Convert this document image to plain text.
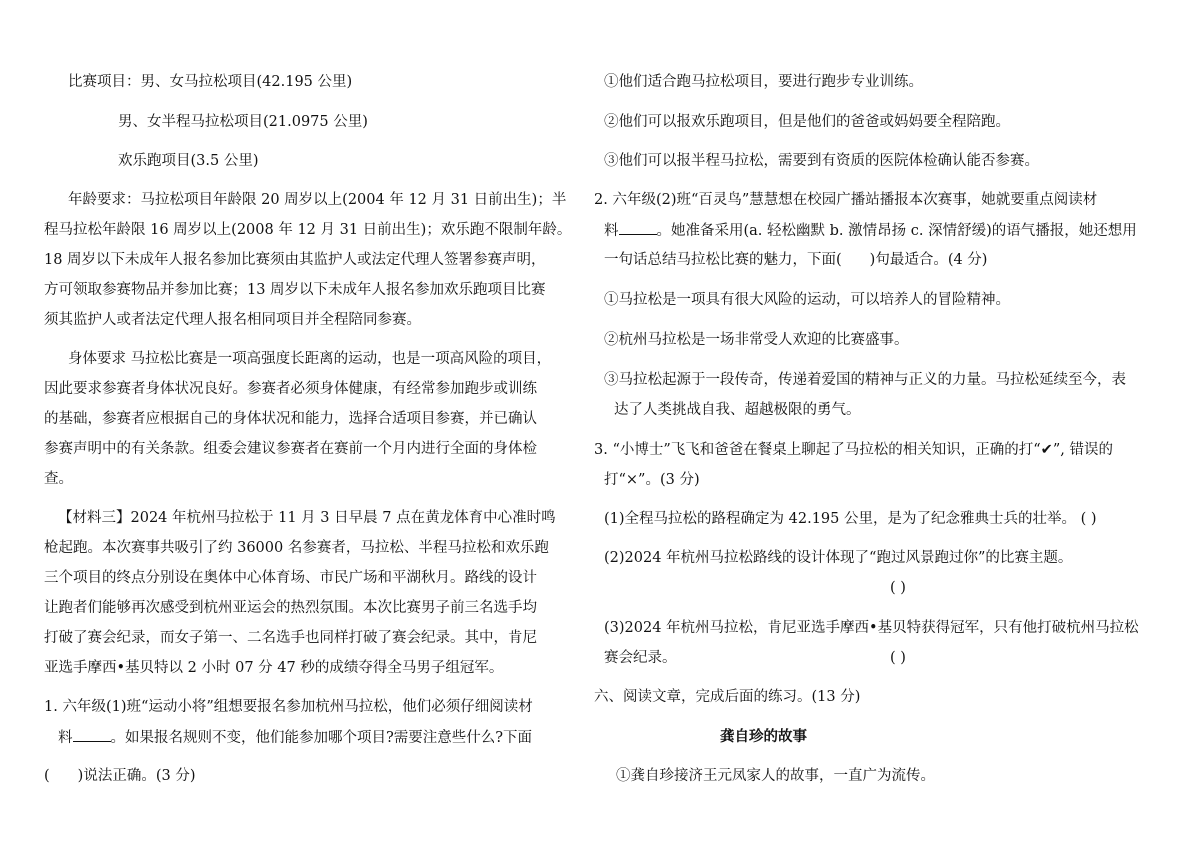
比赛项目：男、女马拉松项目(42.195 公里)
男、女半程马拉松项目(21.0975 公里)
欢乐跑项目(3.5 公里)
年龄要求：马拉松项目年龄限 20 周岁以上(2004 年 12 月 31 日前出生)；半
程马拉松年龄限 16 周岁以上(2008 年 12 月 31 日前出生)；欢乐跑不限制年龄。
18 周岁以下未成年人报名参加比赛须由其监护人或法定代理人签署参赛声明，
方可领取参赛物品并参加比赛；13 周岁以下未成年人报名参加欢乐跑项目比赛
须其监护人或者法定代理人报名相同项目并全程陪同参赛。
身体要求 马拉松比赛是一项高强度长距离的运动，也是一项高风险的项目，
因此要求参赛者身体状况良好。参赛者必须身体健康，有经常参加跑步或训练
的基础，参赛者应根据自己的身体状况和能力，选择合适项目参赛，并已确认
参赛声明中的有关条款。组委会建议参赛者在赛前一个月内进行全面的身体检
查。
【材料三】2024 年杭州马拉松于 11 月 3 日早晨 7 点在黄龙体育中心准时鸣
枪起跑。本次赛事共吸引了约 36000 名参赛者，马拉松、半程马拉松和欢乐跑
三个项目的终点分别设在奥体中心体育场、市民广场和平湖秋月。路线的设计
让跑者们能够再次感受到杭州亚运会的热烈氛围。本次比赛男子前三名选手均
打破了赛会纪录，而女子第一、二名选手也同样打破了赛会纪录。其中，肯尼
亚选手摩西•基贝特以 2 小时 07 分 47 秒的成绩夺得全马男子组冠军。
1. 六年级(1)班“运动小将”组想要报名参加杭州马拉松，他们必须仔细阅读材
料	。如果报名规则不变，他们能参加哪个项目?需要注意些什么?下面
( )说法正确。(3 分)
①他们适合跑马拉松项目，要进行跑步专业训练。
②他们可以报欢乐跑项目，但是他们的爸爸或妈妈要全程陪跑。
③他们可以报半程马拉松，需要到有资质的医院体检确认能否参赛。
2. 六年级(2)班“百灵鸟”慧慧想在校园广播站播报本次赛事，她就要重点阅读材
料	。她准备采用(a. 轻松幽默 b. 激情昂扬 c. 深情舒缓)的语气播报，她还想用
一句话总结马拉松比赛的魅力，下面( )句最适合。(4 分)
①马拉松是一项具有很大风险的运动，可以培养人的冒险精神。
②杭州马拉松是一场非常受人欢迎的比赛盛事。
③马拉松起源于一段传奇，传递着爱国的精神与正义的力量。马拉松延续至今，表
达了人类挑战自我、超越极限的勇气。
3. “小博士”飞飞和爸爸在餐桌上聊起了马拉松的相关知识，正确的打“✔”, 错误的
打“×”。(3 分)
(1)全程马拉松的路程确定为 42.195 公里，是为了纪念雅典士兵的壮举。 ( )
(2)2024 年杭州马拉松路线的设计体现了“跑过风景跑过你”的比赛主题。
( )
(3)2024 年杭州马拉松，肯尼亚选手摩西•基贝特获得冠军，只有他打破杭州马拉松
赛会纪录。	( )
六、阅读文章，完成后面的练习。(13 分)
龚自珍的故事
①龚自珍接济王元凤家人的故事，一直广为流传。
